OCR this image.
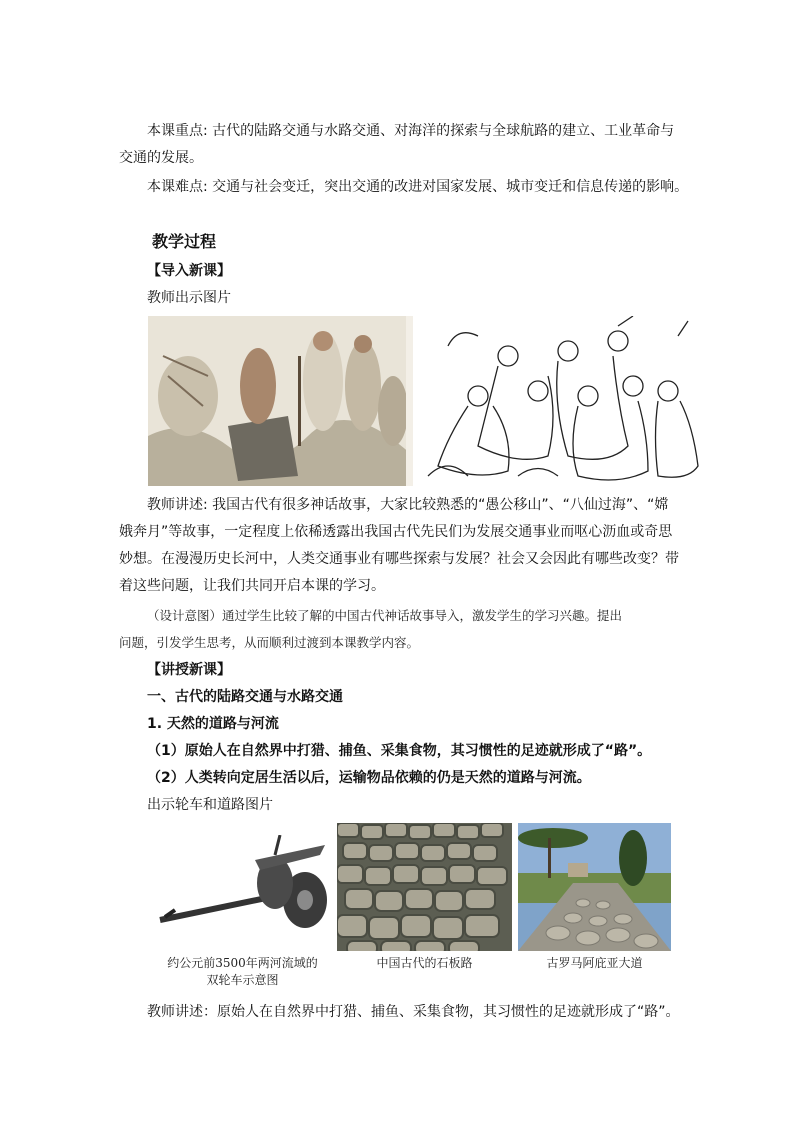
本课重点: 古代的陆路交通与水路交通、对海洋的探索与全球航路的建立、工业革命与
交通的发展。
本课难点: 交通与社会变迁，突出交通的改进对国家发展、城市变迁和信息传递的影响。
教学过程
【导入新课】
教师出示图片
教师讲述: 我国古代有很多神话故事，大家比较熟悉的“愚公移山”、“八仙过海”、“嫦
娥奔月”等故事，一定程度上依稀透露出我国古代先民们为发展交通事业而呕心沥血或奇思
妙想。在漫漫历史长河中，人类交通事业有哪些探索与发展？社会又会因此有哪些改变？带
着这些问题，让我们共同开启本课的学习。
（设计意图）通过学生比较了解的中国古代神话故事导入，激发学生的学习兴趣。提出
问题，引发学生思考，从而顺利过渡到本课教学内容。
【讲授新课】
一、古代的陆路交通与水路交通
1. 天然的道路与河流
（1）原始人在自然界中打猎、捕鱼、采集食物，其习惯性的足迹就形成了“路”。
（2）人类转向定居生活以后，运输物品依赖的仍是天然的道路与河流。
出示轮车和道路图片
约公元前3500年两河流域的
双轮车示意图
中国古代的石板路	古罗马阿庇亚大道
教师讲述：原始人在自然界中打猎、捕鱼、采集食物，其习惯性的足迹就形成了“路”。
